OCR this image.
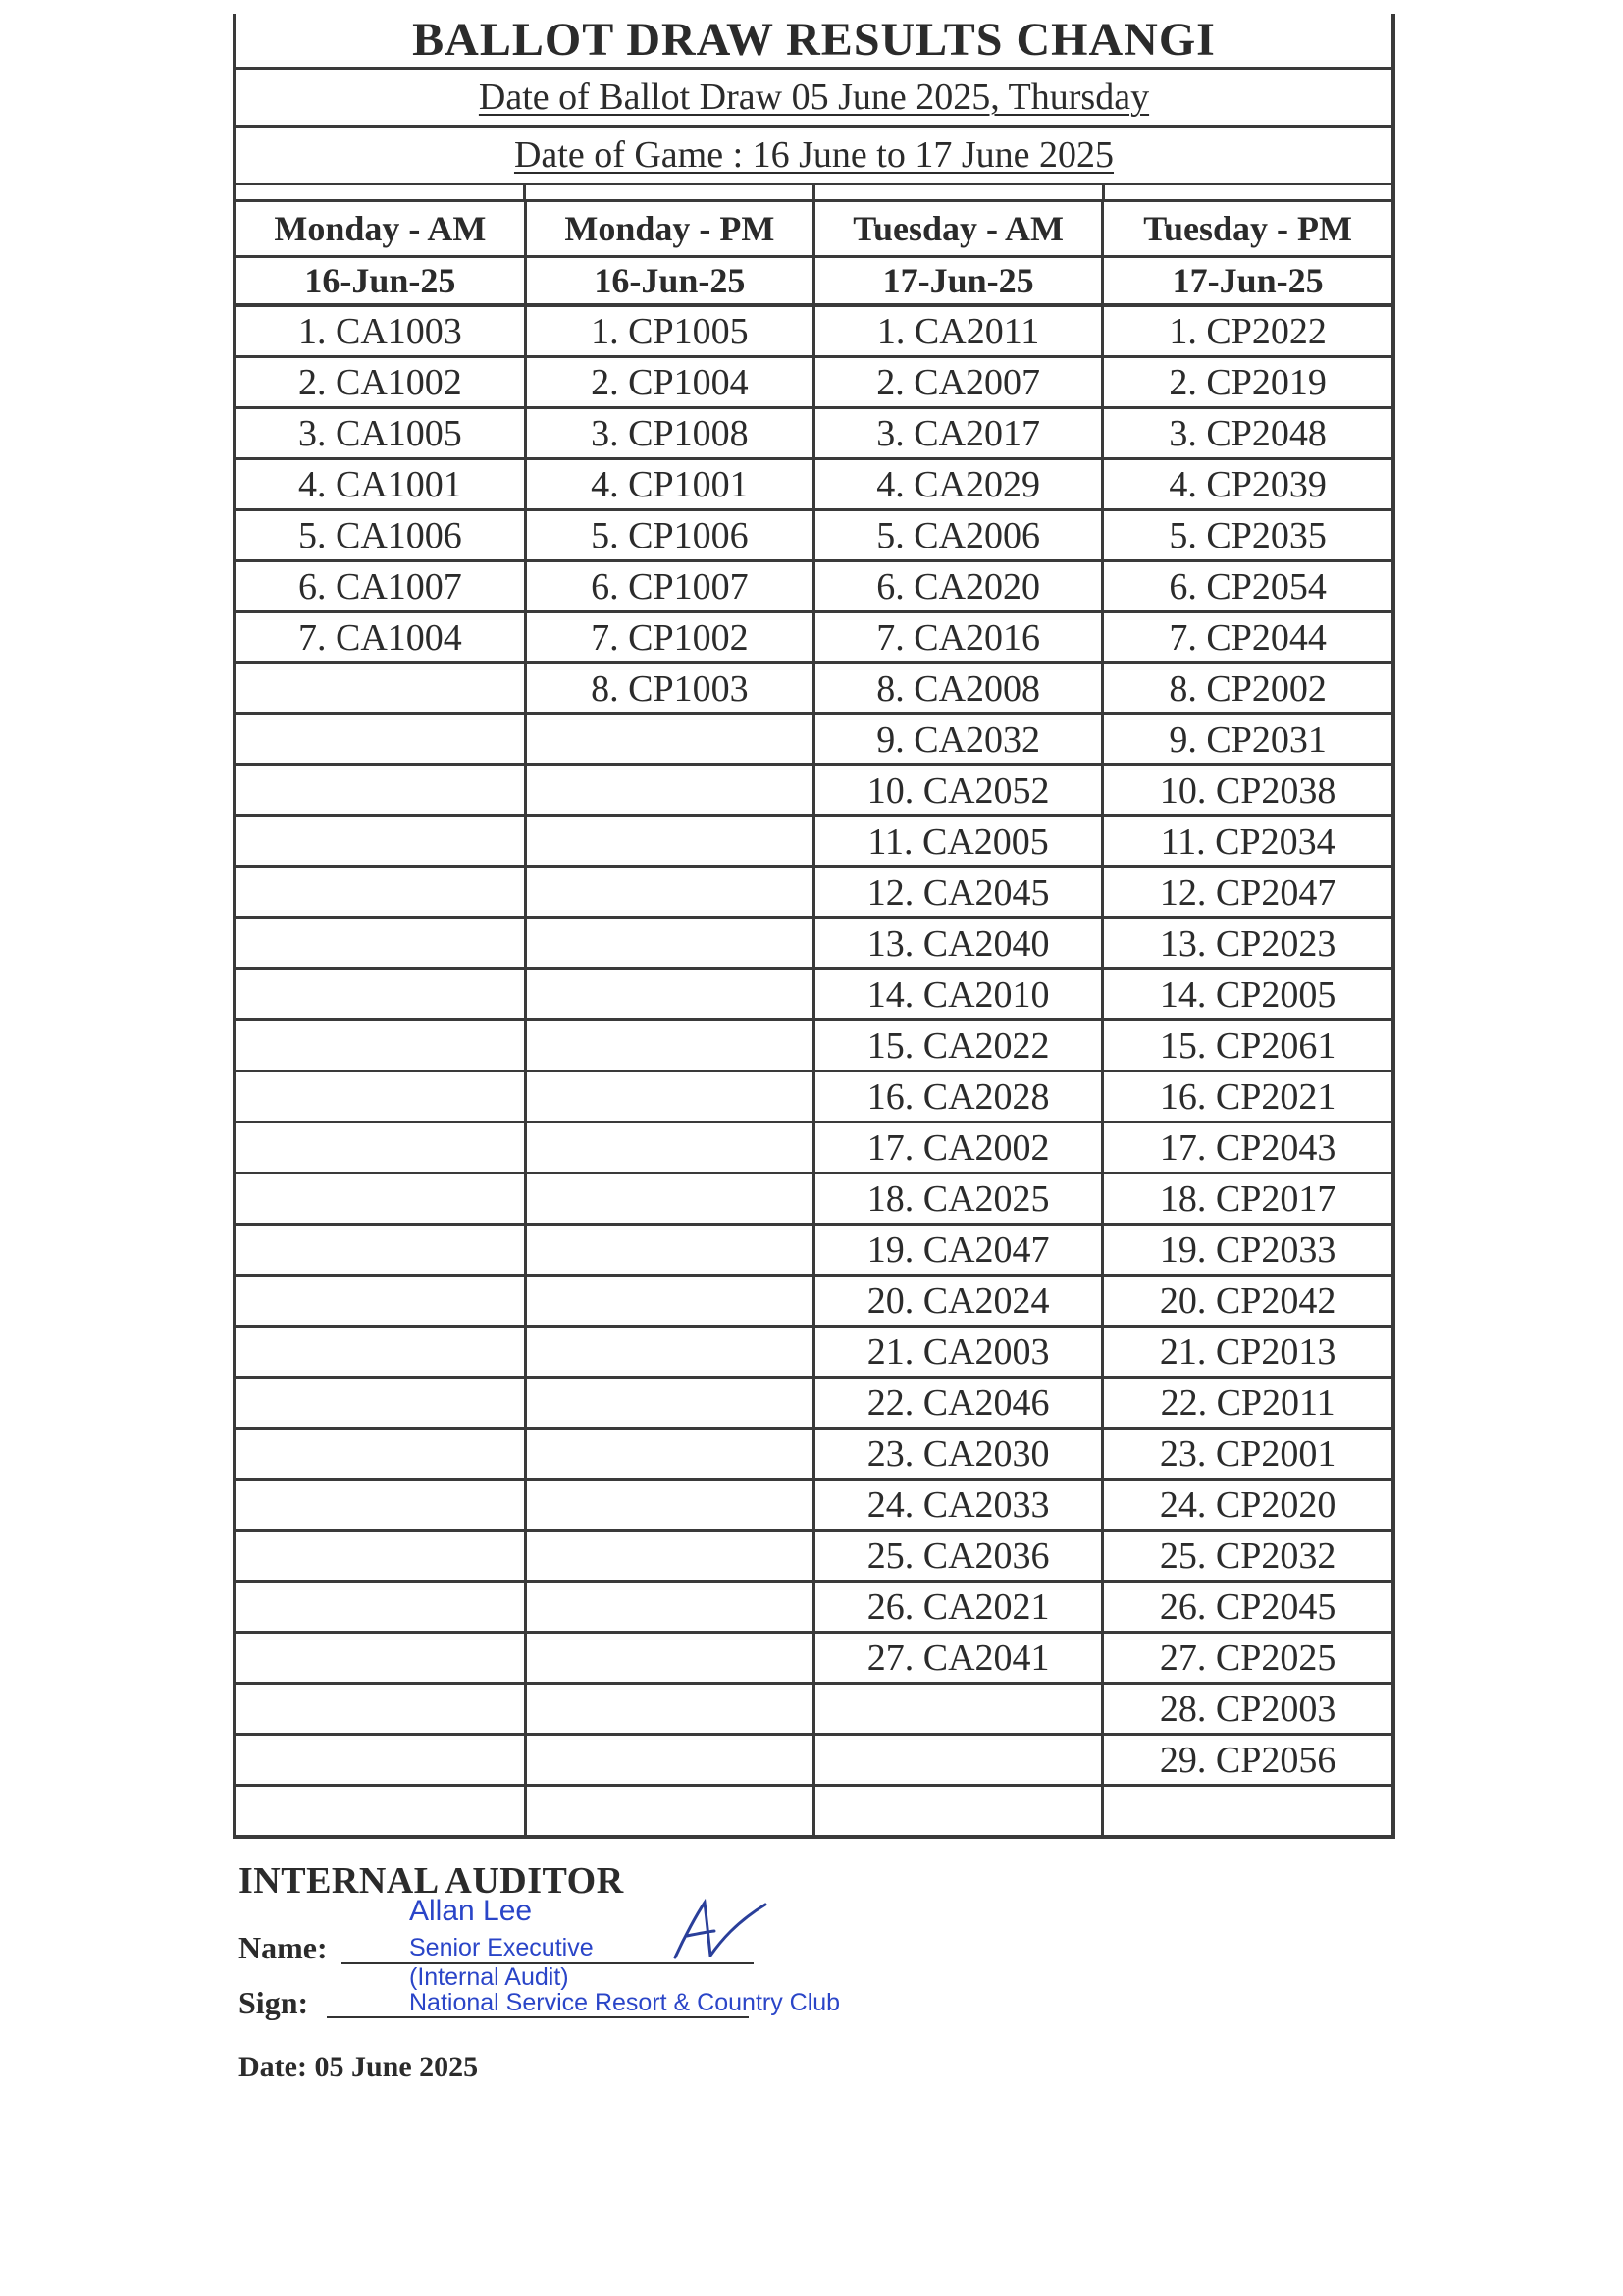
BALLOT DRAW RESULTS CHANGI
Date of Ballot Draw 05 June 2025, Thursday
Date of Game : 16 June to 17 June 2025
Monday - AM	Monday - PM	Tuesday - AM	Tuesday - PM
16-Jun-25	16-Jun-25	17-Jun-25	17-Jun-25
1. CA1003	1. CP1005	1. CA2011	1. CP2022
2. CA1002	2. CP1004	2. CA2007	2. CP2019
3. CA1005	3. CP1008	3. CA2017	3. CP2048
4. CA1001	4. CP1001	4. CA2029	4. CP2039
5. CA1006	5. CP1006	5. CA2006	5. CP2035
6. CA1007	6. CP1007	6. CA2020	6. CP2054
7. CA1004	7. CP1002	7. CA2016	7. CP2044
	8. CP1003	8. CA2008	8. CP2002
		9. CA2032	9. CP2031
		10. CA2052	10. CP2038
		11. CA2005	11. CP2034
		12. CA2045	12. CP2047
		13. CA2040	13. CP2023
		14. CA2010	14. CP2005
		15. CA2022	15. CP2061
		16. CA2028	16. CP2021
		17. CA2002	17. CP2043
		18. CA2025	18. CP2017
		19. CA2047	19. CP2033
		20. CA2024	20. CP2042
		21. CA2003	21. CP2013
		22. CA2046	22. CP2011
		23. CA2030	23. CP2001
		24. CA2033	24. CP2020
		25. CA2036	25. CP2032
		26. CA2021	26. CP2045
		27. CA2041	27. CP2025
			28. CP2003
			29. CP2056

INTERNAL AUDITOR
Name:
Sign:
Allan Lee
Senior Executive
(Internal Audit)
National Service Resort & Country Club
Date: 05 June 2025
